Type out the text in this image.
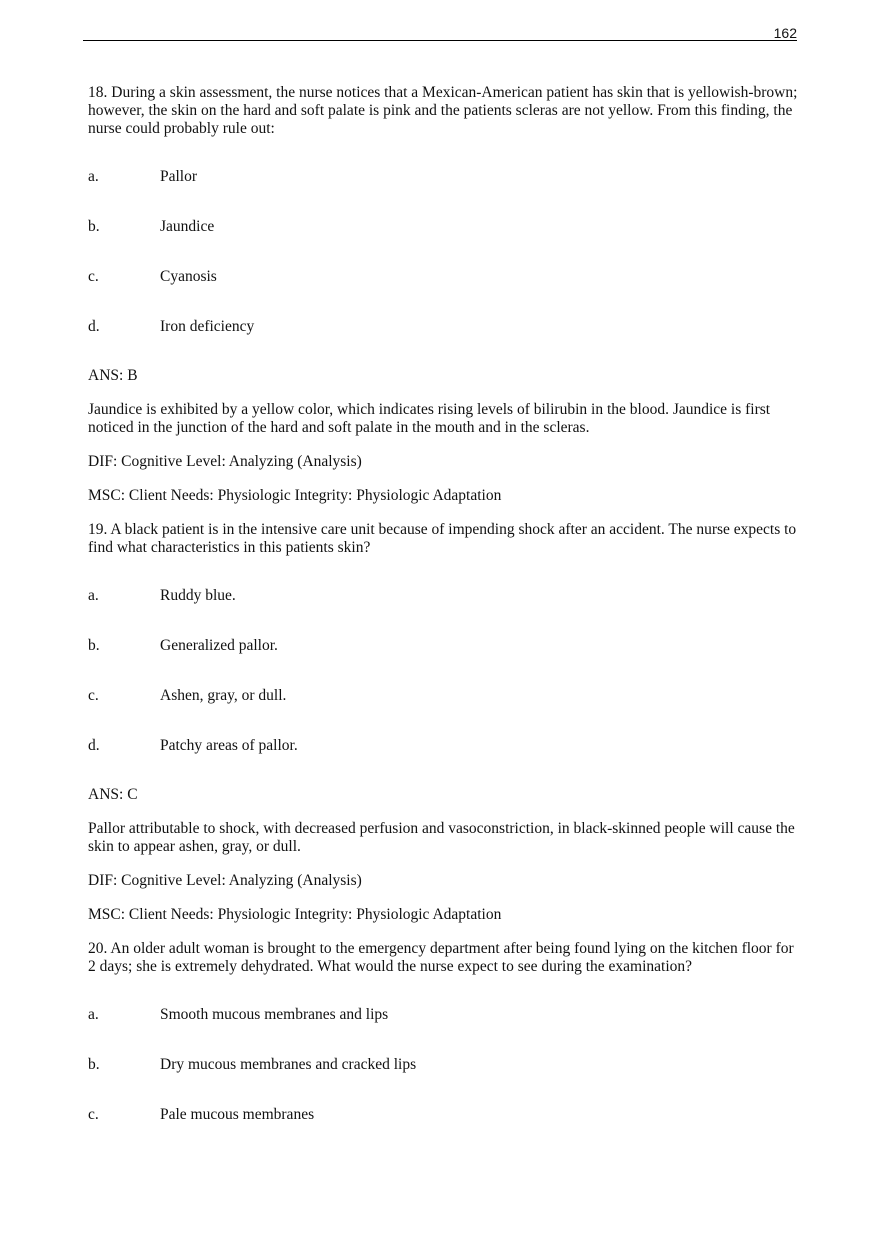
162

18. During a skin assessment, the nurse notices that a Mexican-American patient has skin that is yellowish-brown; however, the skin on the hard and soft palate is pink and the patients scleras are not yellow. From this finding, the nurse could probably rule out:

a.	Pallor
b.	Jaundice
c.	Cyanosis
d.	Iron deficiency

ANS: B

Jaundice is exhibited by a yellow color, which indicates rising levels of bilirubin in the blood. Jaundice is first noticed in the junction of the hard and soft palate in the mouth and in the scleras.

DIF: Cognitive Level: Analyzing (Analysis)

MSC: Client Needs: Physiologic Integrity: Physiologic Adaptation

19. A black patient is in the intensive care unit because of impending shock after an accident. The nurse expects to find what characteristics in this patients skin?

a.	Ruddy blue.
b.	Generalized pallor.
c.	Ashen, gray, or dull.
d.	Patchy areas of pallor.

ANS: C

Pallor attributable to shock, with decreased perfusion and vasoconstriction, in black-skinned people will cause the skin to appear ashen, gray, or dull.

DIF: Cognitive Level: Analyzing (Analysis)

MSC: Client Needs: Physiologic Integrity: Physiologic Adaptation

20. An older adult woman is brought to the emergency department after being found lying on the kitchen floor for 2 days; she is extremely dehydrated. What would the nurse expect to see during the examination?

a.	Smooth mucous membranes and lips
b.	Dry mucous membranes and cracked lips
c.	Pale mucous membranes
